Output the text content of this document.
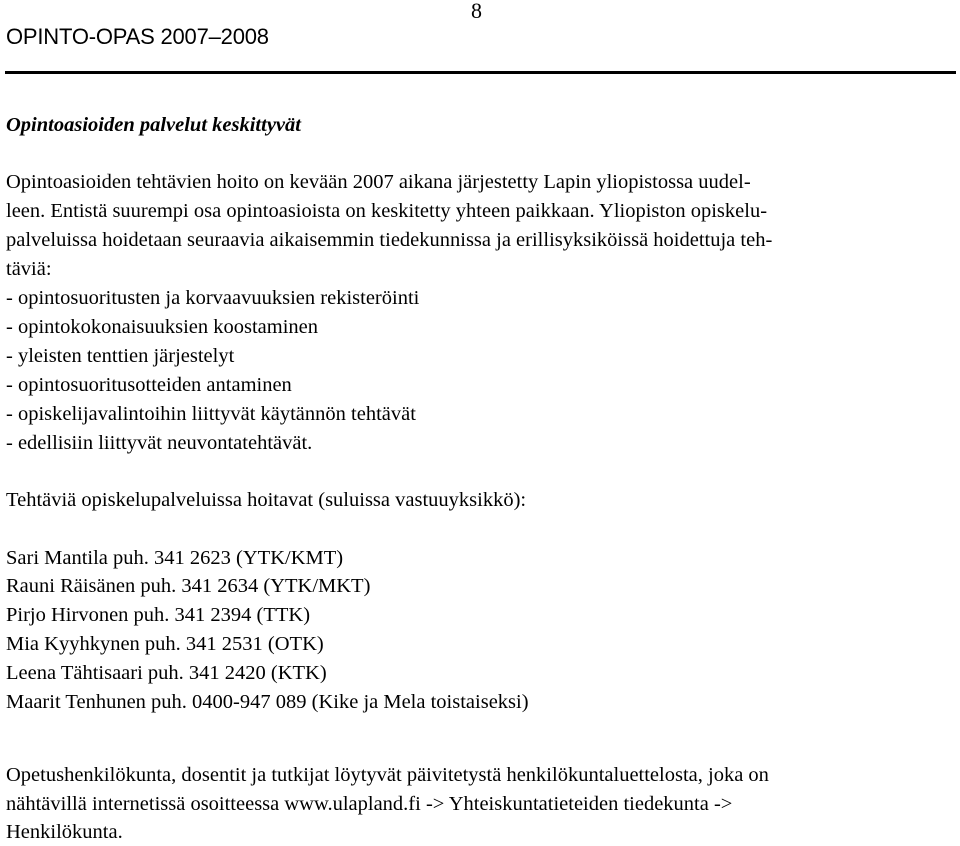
8
OPINTO-OPAS 2007–2008
Opintoasioiden palvelut keskittyvät
Opintoasioiden tehtävien hoito on kevään 2007 aikana järjestetty Lapin yliopistossa uudel-
leen. Entistä suurempi osa opintoasioista on keskitetty yhteen paikkaan. Yliopiston opiskelu-
palveluissa hoidetaan seuraavia aikaisemmin tiedekunnissa ja erillisyksiköissä hoidettuja teh-
täviä:
- opintosuoritusten ja korvaavuuksien rekisteröinti
- opintokokonaisuuksien koostaminen
- yleisten tenttien järjestelyt
- opintosuoritusotteiden antaminen
- opiskelijavalintoihin liittyvät käytännön tehtävät
- edellisiin liittyvät neuvontatehtävät.
Tehtäviä opiskelupalveluissa hoitavat (suluissa vastuuyksikkö):
Sari Mantila puh. 341 2623 (YTK/KMT)
Rauni Räisänen puh. 341 2634 (YTK/MKT)
Pirjo Hirvonen puh. 341 2394 (TTK)
Mia Kyyhkynen puh. 341 2531 (OTK)
Leena Tähtisaari puh. 341 2420 (KTK)
Maarit Tenhunen puh. 0400-947 089 (Kike ja Mela toistaiseksi)
Opetushenkilökunta, dosentit ja tutkijat löytyvät päivitetystä henkilökuntaluettelosta, joka on
nähtävillä internetissä osoitteessa www.ulapland.fi -> Yhteiskuntatieteiden tiedekunta ->
Henkilökunta.
